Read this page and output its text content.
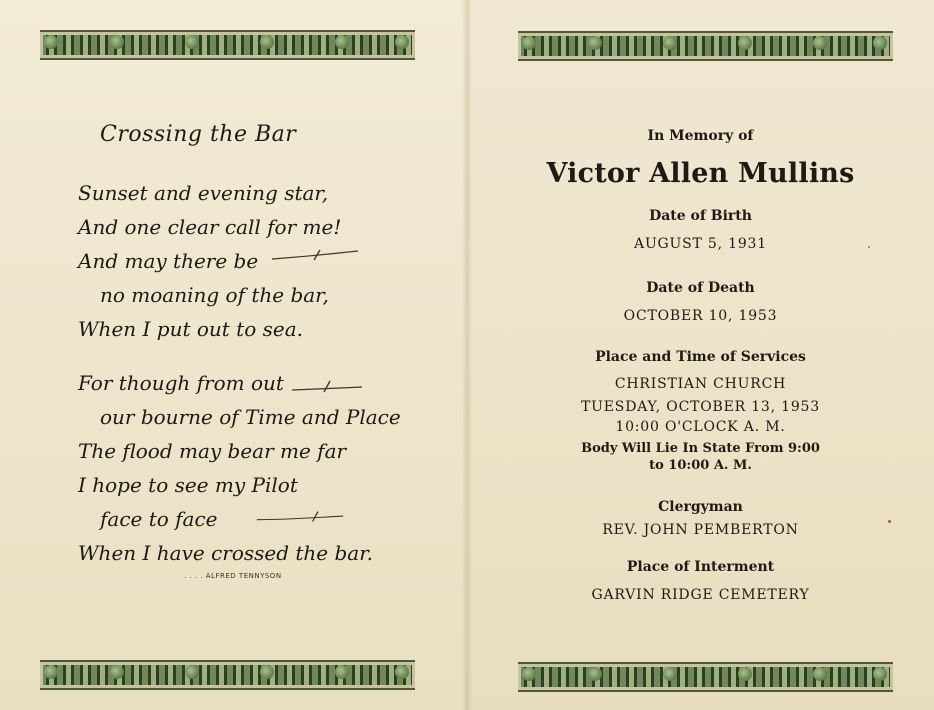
Crossing the Bar
Sunset and evening star,
And one clear call for me!
And may there be
no moaning of the bar,
When I put out to sea.
For though from out
our bourne of Time and Place
The flood may bear me far
I hope to see my Pilot
face to face
When I have crossed the bar.
. . . . ALFRED TENNYSON
In Memory of
Victor Allen Mullins
Date of Birth
AUGUST 5, 1931
Date of Death
OCTOBER 10, 1953
Place and Time of Services
CHRISTIAN CHURCH
TUESDAY, OCTOBER 13, 1953
10:00 O'CLOCK A. M.
Body Will Lie In State From 9:00
to 10:00 A. M.
Clergyman
REV. JOHN PEMBERTON
Place of Interment
GARVIN RIDGE CEMETERY
